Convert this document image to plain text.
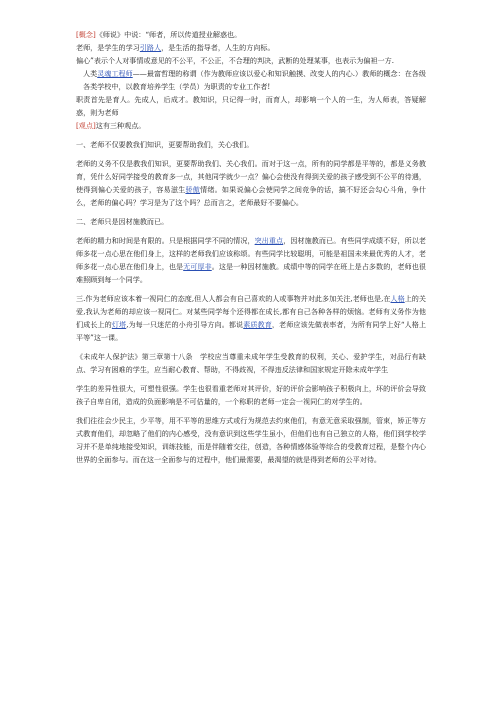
[概念]《师说》中说：“师者，所以传道授业解惑也。

老师，是学生的学习引路人，是生活的指导者，人生的方向标。

偏心”表示个人对事情或意见的不公平，不公正，不合理的判决，武断的处理某事，也表示为偏袒一方.

人类灵魂工程师——最富哲理的称谓（作为教师应该以爱心和知识触摸、改变人的内心.）教师的概念：在各级各类学校中，以教育培养学生（学员）为职责的专业工作者!

职责首先是育人。先成人，后成才。教知识，只记得一时，而育人，却影响一个人的一生，为人师表，答疑解惑，则为老师

[观点]这有三种观点。

一、老师不仅要教我们知识，更要帮助我们，关心我们。

老师的义务不仅是教我们知识，更要帮助我们、关心我们。而对于这一点，所有的同学都是平等的，都是义务教育，凭什么好同学接受的教育多一点，其他同学就少一点？偏心会使没有得到关爱的孩子感受到不公平的待遇，使得到偏心关爱的孩子，容易滋生骄傲情绪。如果说偏心会使同学之间竞争的话，搞不好还会勾心斗角，争什么，老师的偏心吗？学习是为了这个吗？总而言之，老师最好不要偏心。

二、老师只是因材施教而已。

老师的精力和时间是有限的。只是根据同学不同的情况，突出重点，因材施教而已。有些同学成绩不好，所以老师多花一点心思在他们身上，这样的老师我们应该称颂。有些同学比较聪明，可能是祖国未来最优秀的人才，老师多花一点心思在他们身上，也是无可厚非。这是一种因材施教。成绩中等的同学在班上是占多数的，老师也很难照顾到每一个同学。

三.作为老师应该本着一视同仁的态度,但人人都会有自己喜欢的人或事物并对此多加关注,老师也是,在人格上的关爱,我认为老师的却应该一视同仁。对某些同学每个还得都在成长,都有自己各种各样的烦恼。老师有义务作为他们成长上的灯塔,为每一只迷茫的小舟引导方向。都说素质教育，老师应该先做表率者，为所有同学上好“人格上平等”这一课。

《未成年人保护法》第三章第十八条　学校应当尊重未成年学生受教育的权利，关心、爱护学生，对品行有缺点、学习有困难的学生，应当耐心教育、帮助，不得歧视，不得违反法律和国家规定开除未成年学生

学生的差异性很大，可塑性很强。学生也很看重老师对其评价，好的评价会影响孩子积极向上，坏的评价会导致孩子自卑自闭，造成的负面影响是不可估量的，一个称职的老师一定会一视同仁的对学生的。

我们往往会少民主，少平等，用不平等的思维方式或行为规范去约束他们，有意无意采取强制，管束，矫正等方式教育他们，却忽略了他们的内心感受，没有意识到这些学生虽小，但他们也有自己独立的人格，他们到学校学习并不是单纯地接受知识，训练技能，而是伴随着交往，创造，各种情感体验等综合的受教育过程，是整个内心世界的全面参与。而在这一全面参与的过程中，他们最需要，最渴望的就是得到老师的公平对待。
